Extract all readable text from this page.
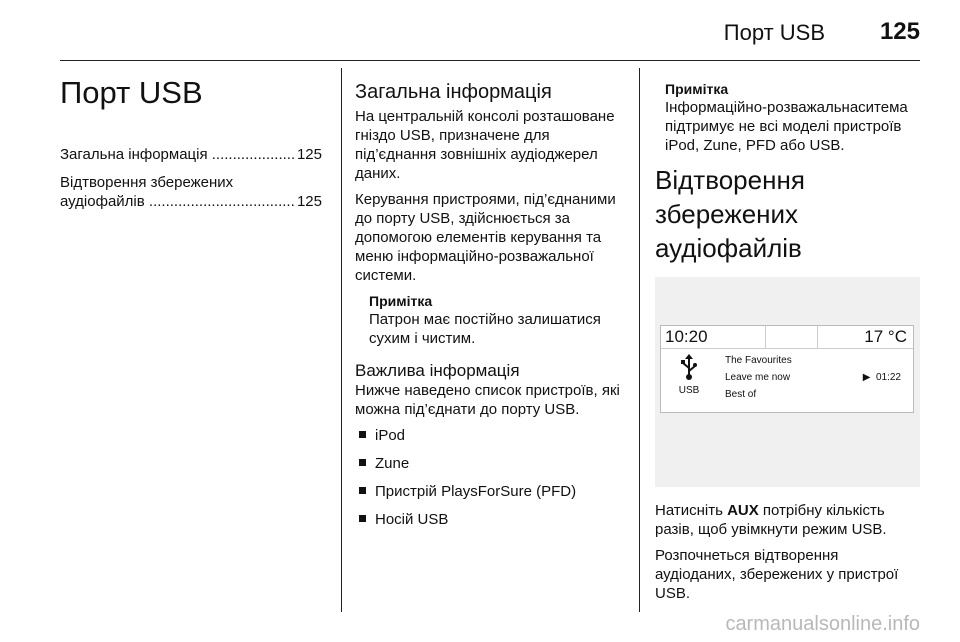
Порт USB 125
Порт USB
Загальна інформація .....	125
Відтворення збережених
аудіофайлів .....	125
Загальна інформація

На центральній консолі розташоване гніздо USB, призначене для під’єднання зовнішніх аудіоджерел даних.

Керування пристроями, під’єднаними до порту USB, здійснюється за допомогою елементів керування та меню інформаційно-розважальної системи.

Примітка

Патрон має постійно залишатися сухим і чистим.

Важлива інформація

Нижче наведено список пристроїв, які можна під’єднати до порту USB.

iPod
Zune
Пристрій PlaysForSure (PFD)
Носій USB
Примітка

Інформаційно-розважальнаситема підтримує не всі моделі пристроїв iPod, Zune, PFD або USB.

Відтворення збережених аудіофайлів
10:20	17 °C
USB
The Favourites
Leave me now	▶ 01:22
Best of

Натисніть AUX потрібну кількість разів, щоб увімкнути режим USB.

Розпочнеться відтворення аудіоданих, збережених у пристрої USB.

carmanualsonline.info
